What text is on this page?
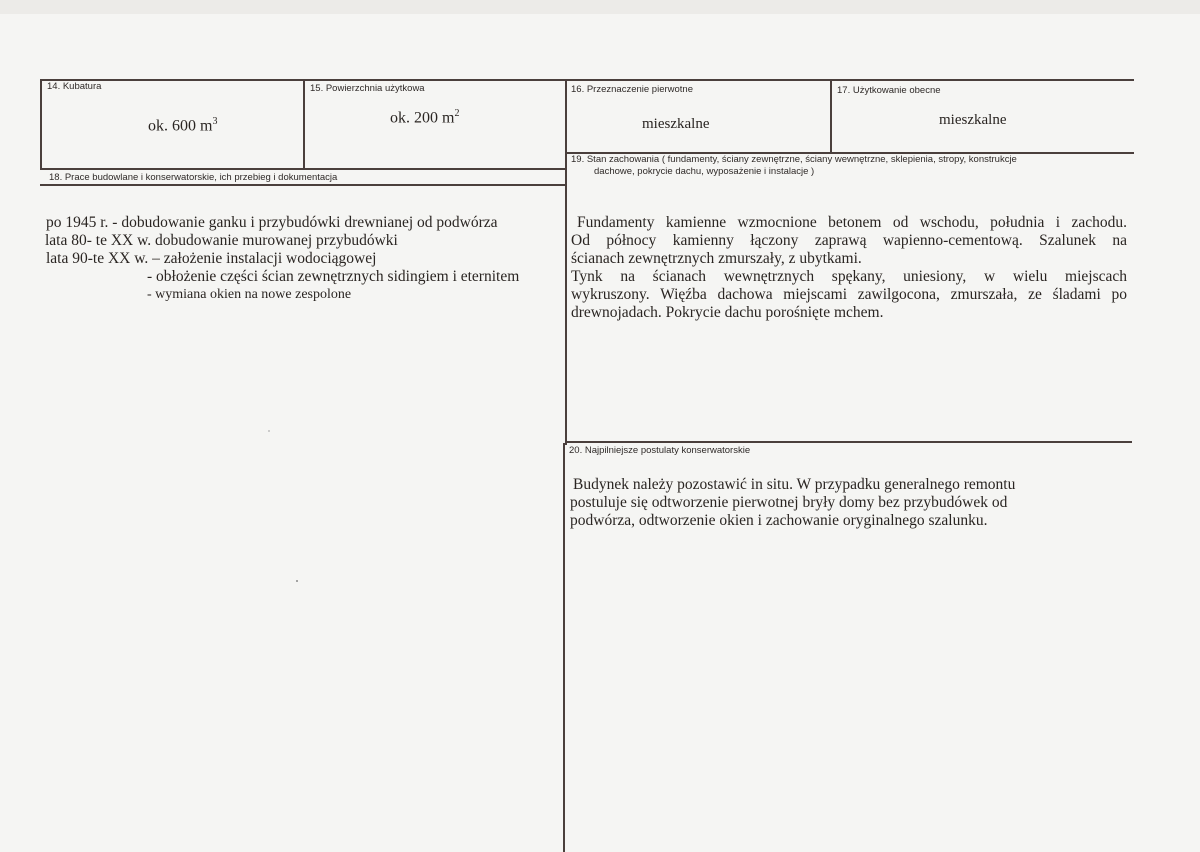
14. Kubatura
ok. 600 $m^3$
15. Powierzchnia użytkowa
ok. 200 $m^2$
16. Przeznaczenie pierwotne
mieszkalne
17. Użytkowanie obecne
mieszkalne
18. Prace budowlane i konserwatorskie, ich przebieg i dokumentacja
po 1945 r. - dobudowanie ganku i przybudówki drewnianej od podwórza
lata 80- te XX w. dobudowanie murowanej przybudówki
lata 90-te XX w. – założenie instalacji wodociągowej
- obłożenie części ścian zewnętrznych sidingiem i eternitem
- wymiana okien na nowe zespolone
19. Stan zachowania ( fundamenty, ściany zewnętrzne, ściany wewnętrzne, sklepienia, stropy, konstrukcje
dachowe, pokrycie dachu, wyposażenie i instalacje )
Fundamenty kamienne wzmocnione betonem od wschodu, południa i zachodu.
Od północy kamienny łączony zaprawą wapienno-cementową. Szalunek na
ścianach zewnętrznych zmurszały, z ubytkami.
Tynk na ścianach wewnętrznych spękany, uniesiony, w wielu miejscach
wykruszony. Więźba dachowa miejscami zawilgocona, zmurszała, ze śladami po
drewnojadach. Pokrycie dachu porośnięte mchem.
20. Najpilniejsze postulaty konserwatorskie
Budynek należy pozostawić in situ. W przypadku generalnego remontu
postuluje się odtworzenie pierwotnej bryły domy bez przybudówek od
podwórza, odtworzenie okien i zachowanie oryginalnego szalunku.
